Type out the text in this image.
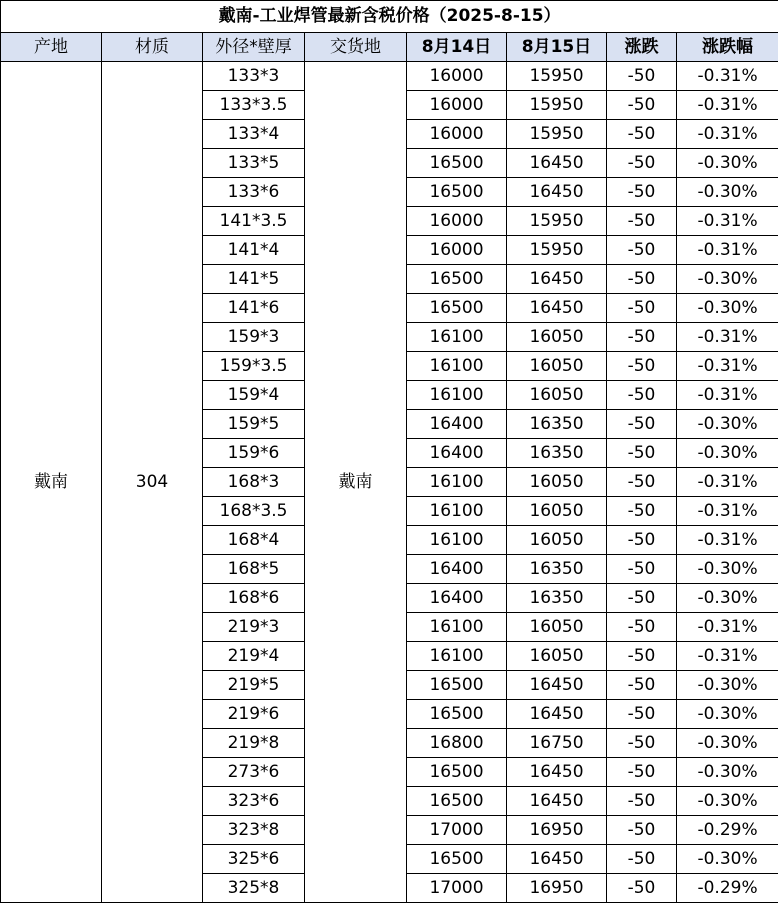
戴南-工业焊管最新含税价格（2025-8-15）							
产地	材质	外径*壁厚	交货地	8月14日	8月15日	涨跌	涨跌幅
戴南	304	133*3	戴南	16000	15950	-50	-0.31%
		133*3.5		16000	15950	-50	-0.31%
		133*4		16000	15950	-50	-0.31%
		133*5		16500	16450	-50	-0.30%
		133*6		16500	16450	-50	-0.30%
		141*3.5		16000	15950	-50	-0.31%
		141*4		16000	15950	-50	-0.31%
		141*5		16500	16450	-50	-0.30%
		141*6		16500	16450	-50	-0.30%
		159*3		16100	16050	-50	-0.31%
		159*3.5		16100	16050	-50	-0.31%
		159*4		16100	16050	-50	-0.31%
		159*5		16400	16350	-50	-0.30%
		159*6		16400	16350	-50	-0.30%
		168*3		16100	16050	-50	-0.31%
		168*3.5		16100	16050	-50	-0.31%
		168*4		16100	16050	-50	-0.31%
		168*5		16400	16350	-50	-0.30%
		168*6		16400	16350	-50	-0.30%
		219*3		16100	16050	-50	-0.31%
		219*4		16100	16050	-50	-0.31%
		219*5		16500	16450	-50	-0.30%
		219*6		16500	16450	-50	-0.30%
		219*8		16800	16750	-50	-0.30%
		273*6		16500	16450	-50	-0.30%
		323*6		16500	16450	-50	-0.30%
		323*8		17000	16950	-50	-0.29%
		325*6		16500	16450	-50	-0.30%
		325*8		17000	16950	-50	-0.29%
